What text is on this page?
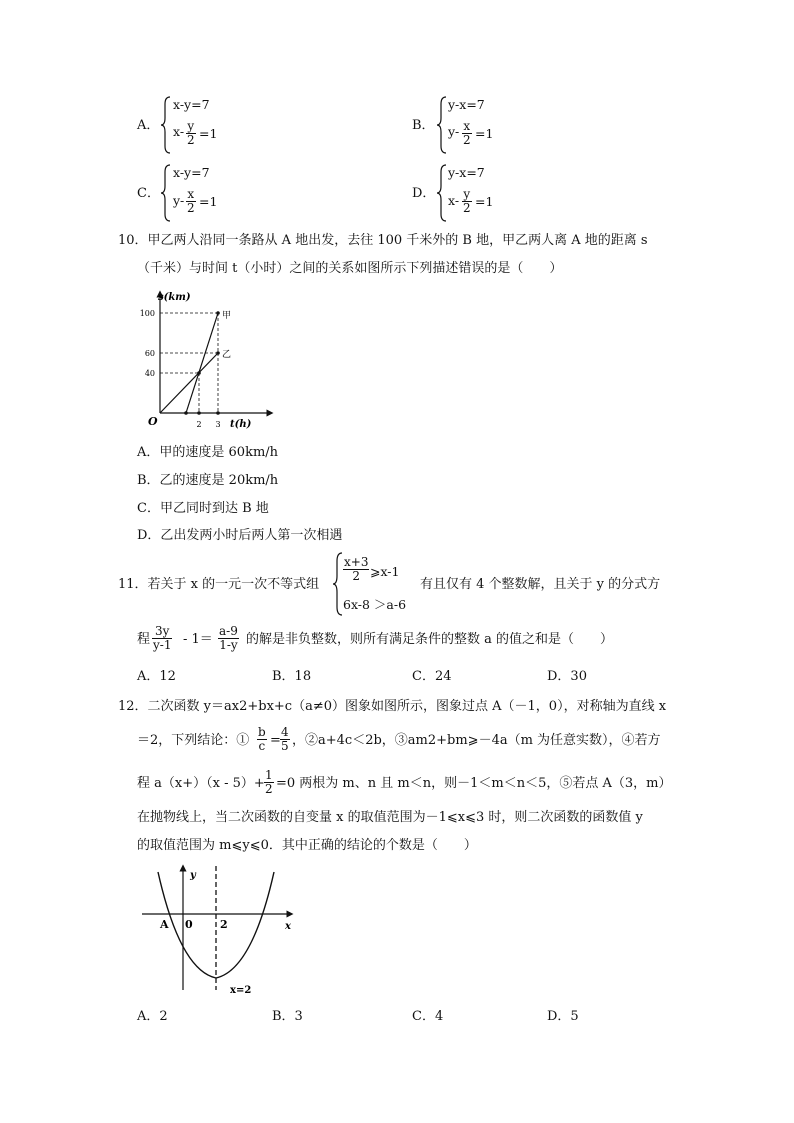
A．
x-y=7
$x- \frac{y}{2} =1$
B．
y-x=7
$y- \frac{x}{2} =1$
C．
x-y=7
$y- \frac{x}{2} =1$
D．
y-x=7
$x- \frac{y}{2} =1$
10．甲乙两人沿同一条路从 A 地出发，去往 100 千米外的 B 地，甲乙两人离 A 地的距离 s
（千米）与时间 t（小时）之间的关系如图所示下列描述错误的是（　　）
s(km)
100
60
40
O	2 3 t(h)
甲
乙
A．甲的速度是 60km/h
B．乙的速度是 20km/h
C．甲乙同时到达 B 地
D．乙出发两小时后两人第一次相遇
11．若关于 x 的一元一次不等式组
$\frac{x+3}{2}$ ⩾x-1
6x-8 ＞a-6
有且仅有 4 个整数解，且关于 y 的分式方
程 $\frac{3y}{y-1} - 1= \frac{a-9}{1-y}$ 的解是非负整数，则所有满足条件的整数 a 的值之和是（　　）
A．12	B．18	C．24	D．30
12．二次函数 y＝ax2+bx+c（a≠0）图象如图所示，图象过点 A（－1，0），对称轴为直线 x
＝2，下列结论：① $\frac{b}{c} = \frac{4}{5}$ ，②a+4c＜2b，③am2+bm⩾－4a（m 为任意实数），④若方
程 $a(x+)(x - 5)+ \frac{1}{2} =0$ 两根为 m、n 且 m＜n，则－1＜m＜n＜5，⑤若点 A（3，m）
在抛物线上，当二次函数的自变量 x 的取值范围为－1⩽x⩽3 时，则二次函数的函数值 y
的取值范围为 m⩽y⩽0．其中正确的结论的个数是（　　）
y
x
A 0 2
x=2
A．2	B．3	C．4	D．5
